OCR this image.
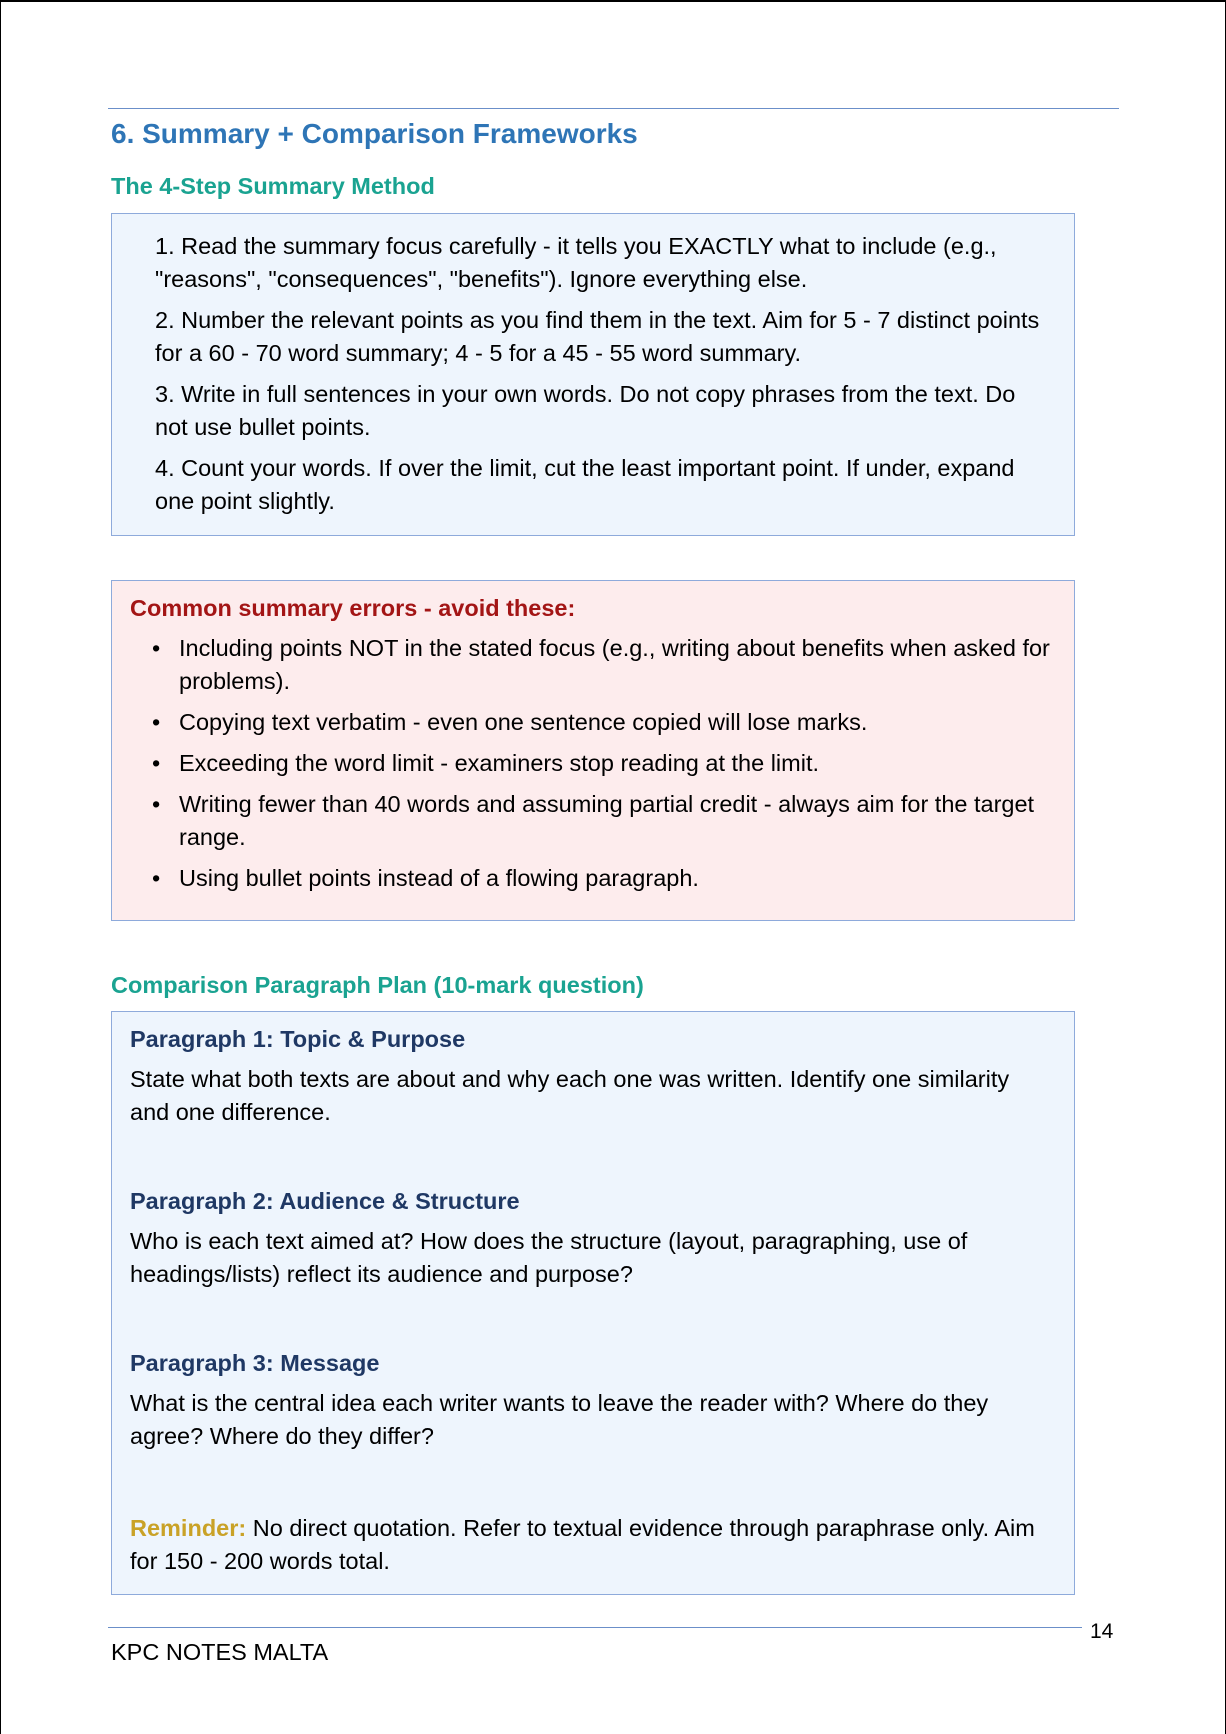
6. Summary + Comparison Frameworks
The 4-Step Summary Method

1. Read the summary focus carefully - it tells you EXACTLY what to include (e.g., "reasons", "consequences", "benefits"). Ignore everything else.

2. Number the relevant points as you find them in the text. Aim for 5 - 7 distinct points for a 60 - 70 word summary; 4 - 5 for a 45 - 55 word summary.

3. Write in full sentences in your own words. Do not copy phrases from the text. Do not use bullet points.

4. Count your words. If over the limit, cut the least important point. If under, expand one point slightly.

Common summary errors - avoid these:

• Including points NOT in the stated focus (e.g., writing about benefits when asked for problems).
• Copying text verbatim - even one sentence copied will lose marks.
• Exceeding the word limit - examiners stop reading at the limit.
• Writing fewer than 40 words and assuming partial credit - always aim for the target range.
• Using bullet points instead of a flowing paragraph.
Comparison Paragraph Plan (10-mark question)

Paragraph 1: Topic & Purpose

State what both texts are about and why each one was written. Identify one similarity and one difference.

Paragraph 2: Audience & Structure

Who is each text aimed at? How does the structure (layout, paragraphing, use of headings/lists) reflect its audience and purpose?

Paragraph 3: Message

What is the central idea each writer wants to leave the reader with? Where do they agree? Where do they differ?

Reminder: No direct quotation. Refer to textual evidence through paraphrase only. Aim for 150 - 200 words total.

KPC NOTES MALTA
14
